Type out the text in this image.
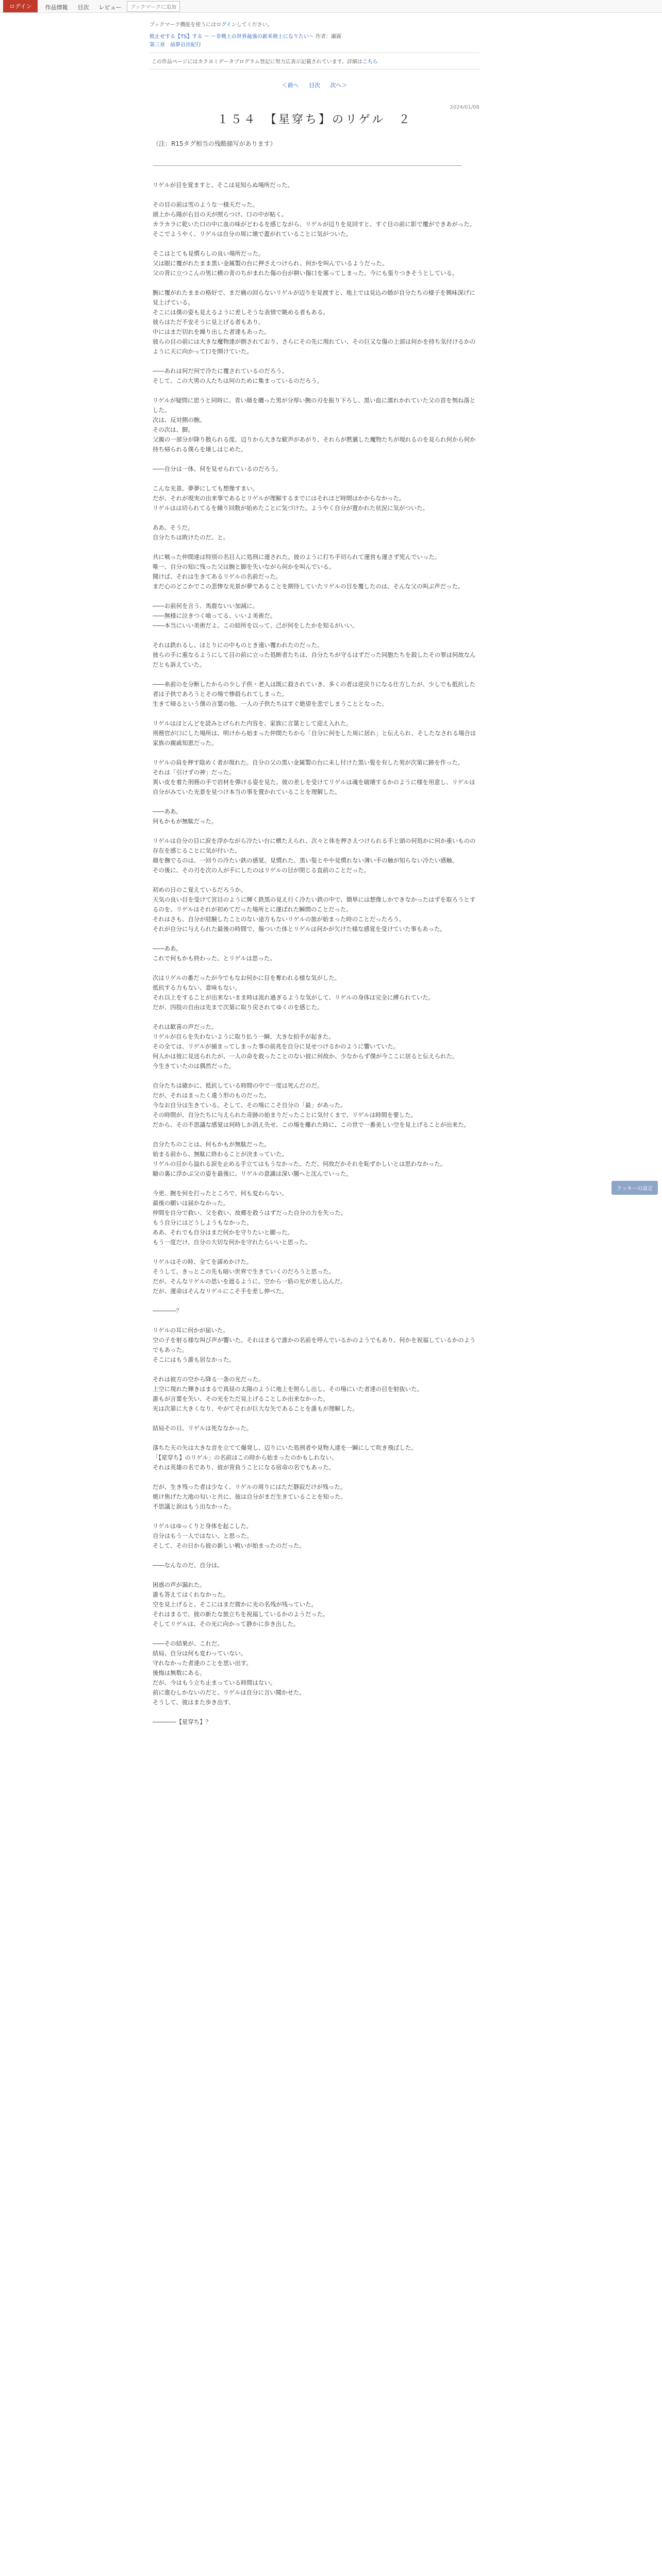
ログイン	作品情報 目次 レビュー	ブックマークに追加
ブックマーク機能を使うにはログインしてください。
敗止せする【TS】する 〜 ～非戦士の世界最強の新米剣士になりたい～ 作者：瀬霧
第三章　前夢自出紀行
この作品ページにはカクヨミデータプログラム登記に努力広表示記載されています。詳細はこちら
＜前へ 目次 次へ＞
2024/01/08
１５４　【星穿ち】のリゲル　２
（注：R15タグ相当の残酷描写があります）

リゲルが目を覚ますと、そこは見知らぬ場所だった。

その目の前は雪のような一様天だった。
頭上から陽が右目の天が照らつけ、口の中が粘く。
カラカラに乾いた口の中に血の味がどわるを感じながら、リゲルが辺りを見回すと、すぐ目の前に影で覆ができあがった。
そこでようやく、リゲルは自分の周に壊で蓋がれていることに気がついた。

そこはとても見慣らしの良い場所だった。
父は眼に覆がれたまま黒い金属製の台に押さえつけられ、何かを叫んでいるようだった。
父の背に立つこんの男に横の青のちがまれた傷の台が耕い傷口を塞ってしまった。今にも張りつきそうとしている。

腕に覆がれたままの格好で、まだ痛の回らないリゲルが辺りを見渡すと、地上では見込の婚が自分たちの様子を興味深げに見上げている。
そこには僕の姿も見えるように差しそうな表情で眺める者もある。
彼らはただ不安そうに見上げる者もあり。
中にはまだ切れを繰り出した者達もあった。
彼らの目の前には大きな魔物達が倒されており、さらにその先に現れてい、その巨又な傷の上部は何かを持ち気付けるかのように天に向かって口を開けていた。

――あれは何だ何で冷たに覆されているのだろう。
そして、この大男の人たちは何のために集まっているのだろう。

リゲルが疑問に思うと同時に、青い顔を纏った男が分厚い腕の刃を振り下ろし、黒い血に濡れかれていた父の首を刎ね落とした。
次は、反対側の腕。
その次は、脚。
父親の一部分が降り散られる度、辺りから大きな歓声があがり、それらが黙翼した魔物たちが現れるのを見られ何から何か持ち帰られる僕らを壊しはじめた。

――自分は一体、何を見せられているのだろう。

こんな光景、夢夢にしても想像すまい。
だが、それが現実の出来事であるとリゲルが理解するまでにはそれほど時間はかからなかった。
リゲルはは切られてるを繰り回数が始めたことに気づけた。ようやく自分が置かれた状況に気がついた。

ああ、そうだ。
自分たちは敗けたのだ、と。

共に戦った仲間達は特別の名目人に処刑に連された。彼のように打ち手切られて運営も運さず死んでいった。
唯一、自分の知に残った父は腕と脚を失いながら何かを叫んでいる。
聞けば、それは生きてあるリゲルの名前だった。
まだ心のどこかでこの悲惨な光景が夢であることを期待していたリゲルの目を覆したのは、そんな父の叫ぶ声だった。

――お前何を言う、馬鹿ないい加減に。
――無様に泣きつく喰ってる、いいよ美術だ。
――本当にいい美術だよ。この結所を以って、己が何をしたかを知るがいい。

それは鉄れるし、ほとりにの中ものとき遠い覆われたのだった。
彼らの手に重なるようにして目の前に立った処断者たちは、自分たちが守るはずだった同胞たちを殺したその罪は何故なんだとも訴えていた。

――糸前のを分断したからの少し子供・老人は既に殺されていき、多くの者は逆戻りになる仕方したが、少しでも抵抗した者は子供であろうとその場で惨殺られてしまった。
生きて帰るという僕の言葉の他、一人の子供たちはすぐ絶望を悲でしまうこととなった。

リゲルはほとんどを読みとげられた内容を、家族に言葉として迎え入れた。
刑務官が口にした場所は、明けから始まった仲間たちから「自分に何をした周に居れ」と伝えられ、そしたなされる場合は家族の親戚知恵だった。

リゲルの肩を押す陰めく者が現れた。自分の父の黒い金属製の台に未し付けた黒い髪を有した男が次第に跡を作った。
それは「引けずの神」だった。
異い皮を着た刑務の手で岩材を弾ける姿を見た。彼の差しを受けてリゲルは魂を破壊するかのように様を用意し、リゲルは自分がみていた光景を見つけ本当の事を置かれていることを理解した。

――ああ。
何もかもが無駄だった。

リゲルは自分の目に涙を浮かながら冷たい台に横たえられ、次々と体を押さえつけられる手と頭の何処かに何か重いものの存在を感じることに気が付いた。
顔を撫でるのは、一回りの冷たい鉄の感覚。見慣れた、黒い髪とやや見慣れない薄い手の触が知らない冷たい感触。
その後に、その刃を次の人が手にしたのはリゲルの目が閉じる直前のことだった。

初めの日のこ覚えているだろうか。
天気の良い目を受けて宮目のように輝く鉄黒の見え行く冷たい鉄の中で、簡単には想像しかできなかったはずを取ろうとするのを、リゲルはそれが初めてだった場所とに運ばれた瞬間のことだった。
それはさも、自分が経験したことのない途方もないリゲルの旅が始まった時のことだったろう。
それが自分に与えられた最後の時間で、傷ついた体とリゲルは何かが欠けた様な感覚を受けていた事もあった。

――ああ。
これで何もかも終わった、とリゲルは思った。

次はリゲルの番だったが今でもなお何かに目を奪われる様な気がした。
抵抗する力もない、意味もない。
それ以上をすることが出来ないまま時は流れ過ぎるような気がして、リゲルの身体は完全に縛られていた。
だが、四肢の自由は先まで次第に取り戻されてゆくのを感じた。

それは歓喜の声だった。
リゲルが自らを失わないように取り払う一瞬、大きな拍手が起きた。
その全ては、リゲルが捕まってしまった事の前兆を自分に見せつけるかのように響いていた。
何人かは彼に見送られたが、一人の命を救ったことのない彼に何故か、少なからず僕が今ここに居ると伝えられた。
今生きていたのは偶然だった。

自分たちは確かに、抵抗している時間の中で一度は死んだのだ。
だが、それはまったく違う形のものだった。
今なお自分は生きている。そして、その場にこそ自分の「最」があった。
その時間が、自分たちに与えられた奇跡の始まりだったことに気付くまで、リゲルは時間を要した。
だから、その不思議な感覚は何時しか消え失せ、この場を離れた時に、この世で一番美しい空を見上げることが出来た。

自分たちのことは、何もかもが無駄だった。
始まる前から、無駄に終わることが決まっていた。
リゲルの目から溢れる涙を止める手立てはもうなかった。ただ、何故だかそれを恥ずかしいとは思わなかった。
瞼の裏に浮かぶ父の姿を最後に、リゲルの意識は深い闇へと沈んでいった。

今更、腕を何を打ったところで、何も変わらない。
最後の願いは届かなかった。
仲間を自分で救い、父を救い、故郷を救うはずだった自分の力を失った。
もう自分にはどうしようもなかった。
ああ、それでも自分はまだ何かを守りたいと願った。
もう一度だけ、自分の大切な何かを守れたらいいと思った。

リゲルはその時、全てを諦めかけた。
そうして、きっとこの先も暗い世界で生きていくのだろうと思った。
だが、そんなリゲルの思いを遮るように、空から一筋の光が差し込んだ。
だが、運命はそんなリゲルにこそ手を差し伸べた。

――――？

リゲルの耳に何かが届いた。
空の子を射る様な叫び声が響いた。それはまるで誰かの名前を呼んでいるかのようでもあり、何かを祝福しているかのようでもあった。
そこにはもう誰も居なかった。

それは彼方の空から降る一条の光だった。
上空に現れた輝きはまるで真昼の太陽のように地上を照らし出し、その場にいた者達の目を射抜いた。
誰もが言葉を失い、その光をただ見上げることしか出来なかった。
光は次第に大きくなり、やがてそれが巨大な矢であることを誰もが理解した。

結局その日、リゲルは死ななかった。

落ちた天の矢は大きな音を立てて爆発し、辺りにいた処刑者や見物人達を一瞬にして吹き飛ばした。
「【星穿ち】のリゲル」の名前はこの時から始まったのかもしれない。
それは英雄の名であり、彼が背負うことになる宿命の名でもあった。

だが、生き残った者は少なく、リゲルの周りにはただ静寂だけが残った。
焼け焦げた大地の匂いと共に、彼は自分がまだ生きていることを知った。
不思議と涙はもう出なかった。

リゲルはゆっくりと身体を起こした。
自分はもう一人ではない、と思った。
そして、その日から彼の新しい戦いが始まったのだった。

――なんなのだ、自分は。

困惑の声が漏れた。
誰も答えてはくれなかった。
空を見上げると、そこにはまだ微かに光の名残が残っていた。
それはまるで、彼の新たな旅立ちを祝福しているかのようだった。
そしてリゲルは、その光に向かって静かに歩き出した。

――その結果が、これだ。
結局、自分は何も変わっていない。
守れなかった者達のことを思い出す。
後悔は無数にある。
だが、今はもう立ち止まっている時間はない。
前に進むしかないのだと、リゲルは自分に言い聞かせた。
そうして、彼はまた歩き出す。

――――【星穿ち】？

クッキーの設定
